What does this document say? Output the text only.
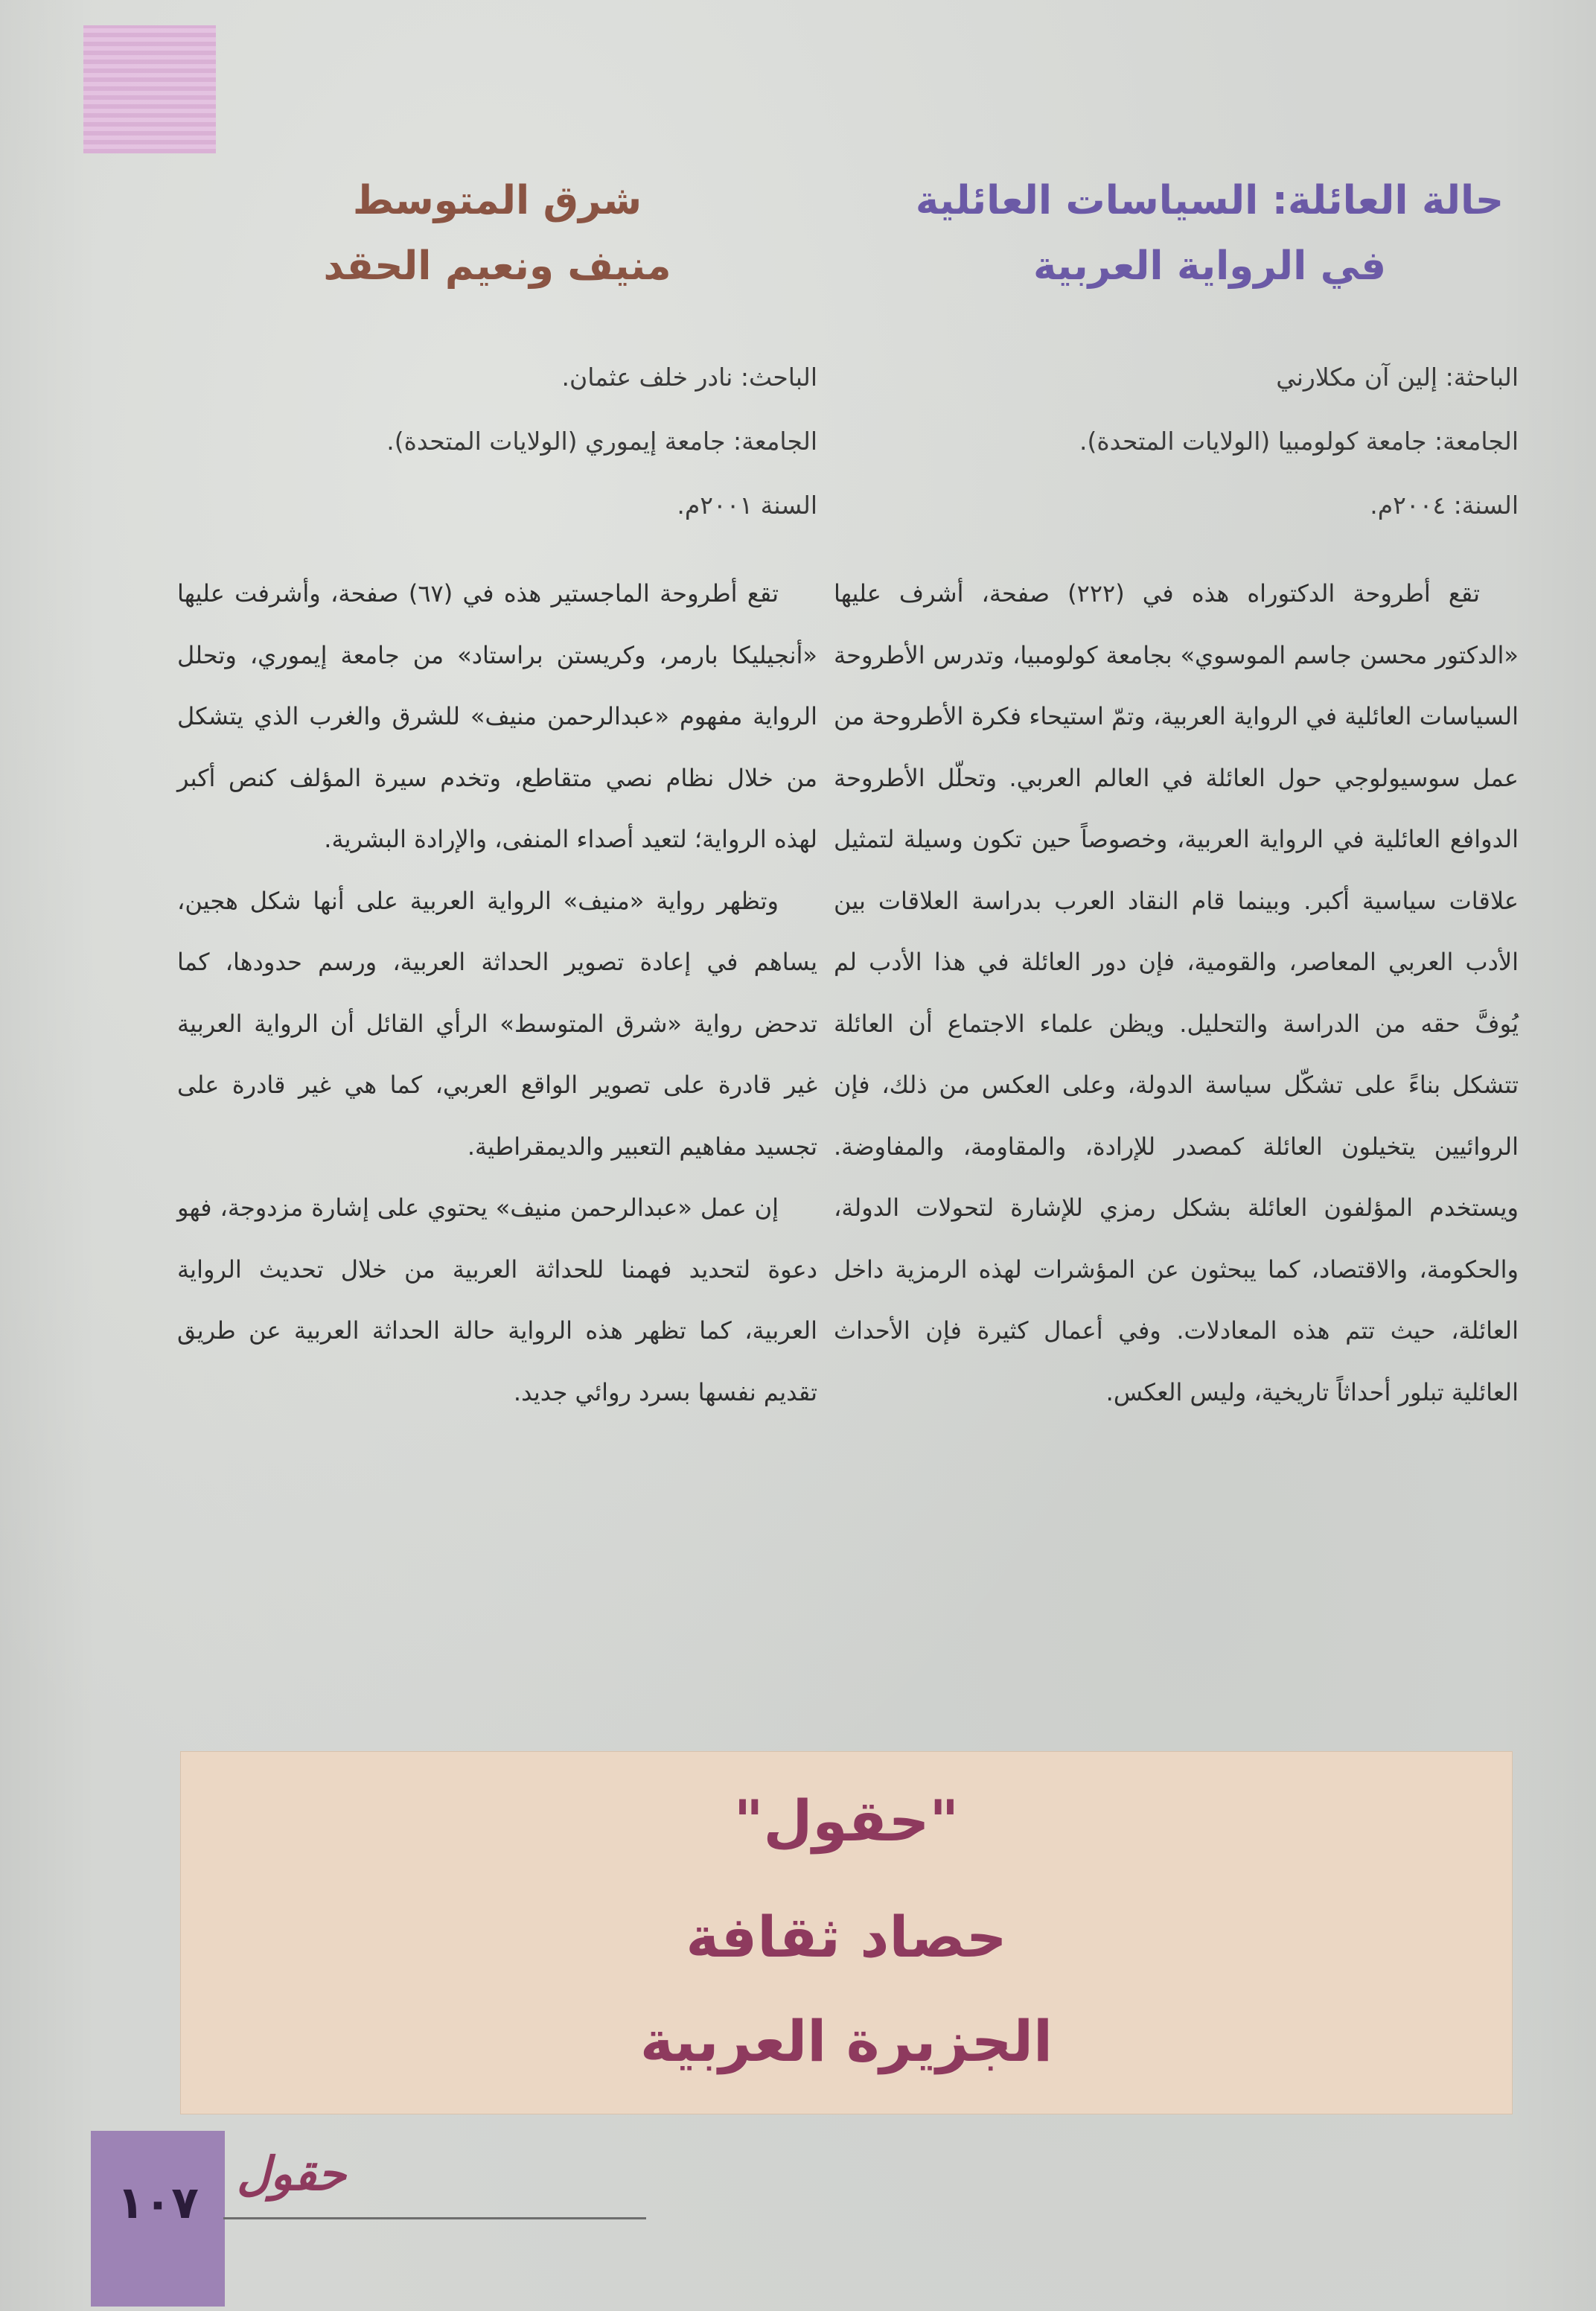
حالة العائلة: السياسات العائلية
في الرواية العربية
الباحثة: إلين آن مكلارني
الجامعة: جامعة كولومبيا (الولايات المتحدة).
السنة: ٢٠٠٤م.

تقع أطروحة الدكتوراه هذه في (٢٢٢) صفحة، أشرف عليها «الدكتور محسن جاسم الموسوي» بجامعة كولومبيا، وتدرس الأطروحة السياسات العائلية في الرواية العربية، وتمّ استيحاء فكرة الأطروحة من عمل سوسيولوجي حول العائلة في العالم العربي. وتحلّل الأطروحة الدوافع العائلية في الرواية العربية، وخصوصاً حين تكون وسيلة لتمثيل علاقات سياسية أكبر. وبينما قام النقاد العرب بدراسة العلاقات بين الأدب العربي المعاصر، والقومية، فإن دور العائلة في هذا الأدب لم يُوفَّ حقه من الدراسة والتحليل. ويظن علماء الاجتماع أن العائلة تتشكل بناءً على تشكّل سياسة الدولة، وعلى العكس من ذلك، فإن الروائيين يتخيلون العائلة كمصدر للإرادة، والمقاومة، والمفاوضة. ويستخدم المؤلفون العائلة بشكل رمزي للإشارة لتحولات الدولة، والحكومة، والاقتصاد، كما يبحثون عن المؤشرات لهذه الرمزية داخل العائلة، حيث تتم هذه المعادلات. وفي أعمال كثيرة فإن الأحداث العائلية تبلور أحداثاً تاريخية، وليس العكس.

شرق المتوسط
منيف ونعيم الحقد
الباحث: نادر خلف عثمان.
الجامعة: جامعة إيموري (الولايات المتحدة).
السنة ٢٠٠١م.

تقع أطروحة الماجستير هذه في (٦٧) صفحة، وأشرفت عليها «أنجيليكا بارمر، وكريستن براستاد» من جامعة إيموري، وتحلل الرواية مفهوم «عبدالرحمن منيف» للشرق والغرب الذي يتشكل من خلال نظام نصي متقاطع، وتخدم سيرة المؤلف كنص أكبر لهذه الرواية؛ لتعيد أصداء المنفى، والإرادة البشرية.

وتظهر رواية «منيف» الرواية العربية على أنها شكل هجين، يساهم في إعادة تصوير الحداثة العربية، ورسم حدودها، كما تدحض رواية «شرق المتوسط» الرأي القائل أن الرواية العربية غير قادرة على تصوير الواقع العربي، كما هي غير قادرة على تجسيد مفاهيم التعبير والديمقراطية.

إن عمل «عبدالرحمن منيف» يحتوي على إشارة مزدوجة، فهو دعوة لتحديد فهمنا للحداثة العربية من خلال تحديث الرواية العربية، كما تظهر هذه الرواية حالة الحداثة العربية عن طريق تقديم نفسها بسرد روائي جديد.

"حقول"
حصاد ثقافة
الجزيرة العربية
١٠٧
حقول
